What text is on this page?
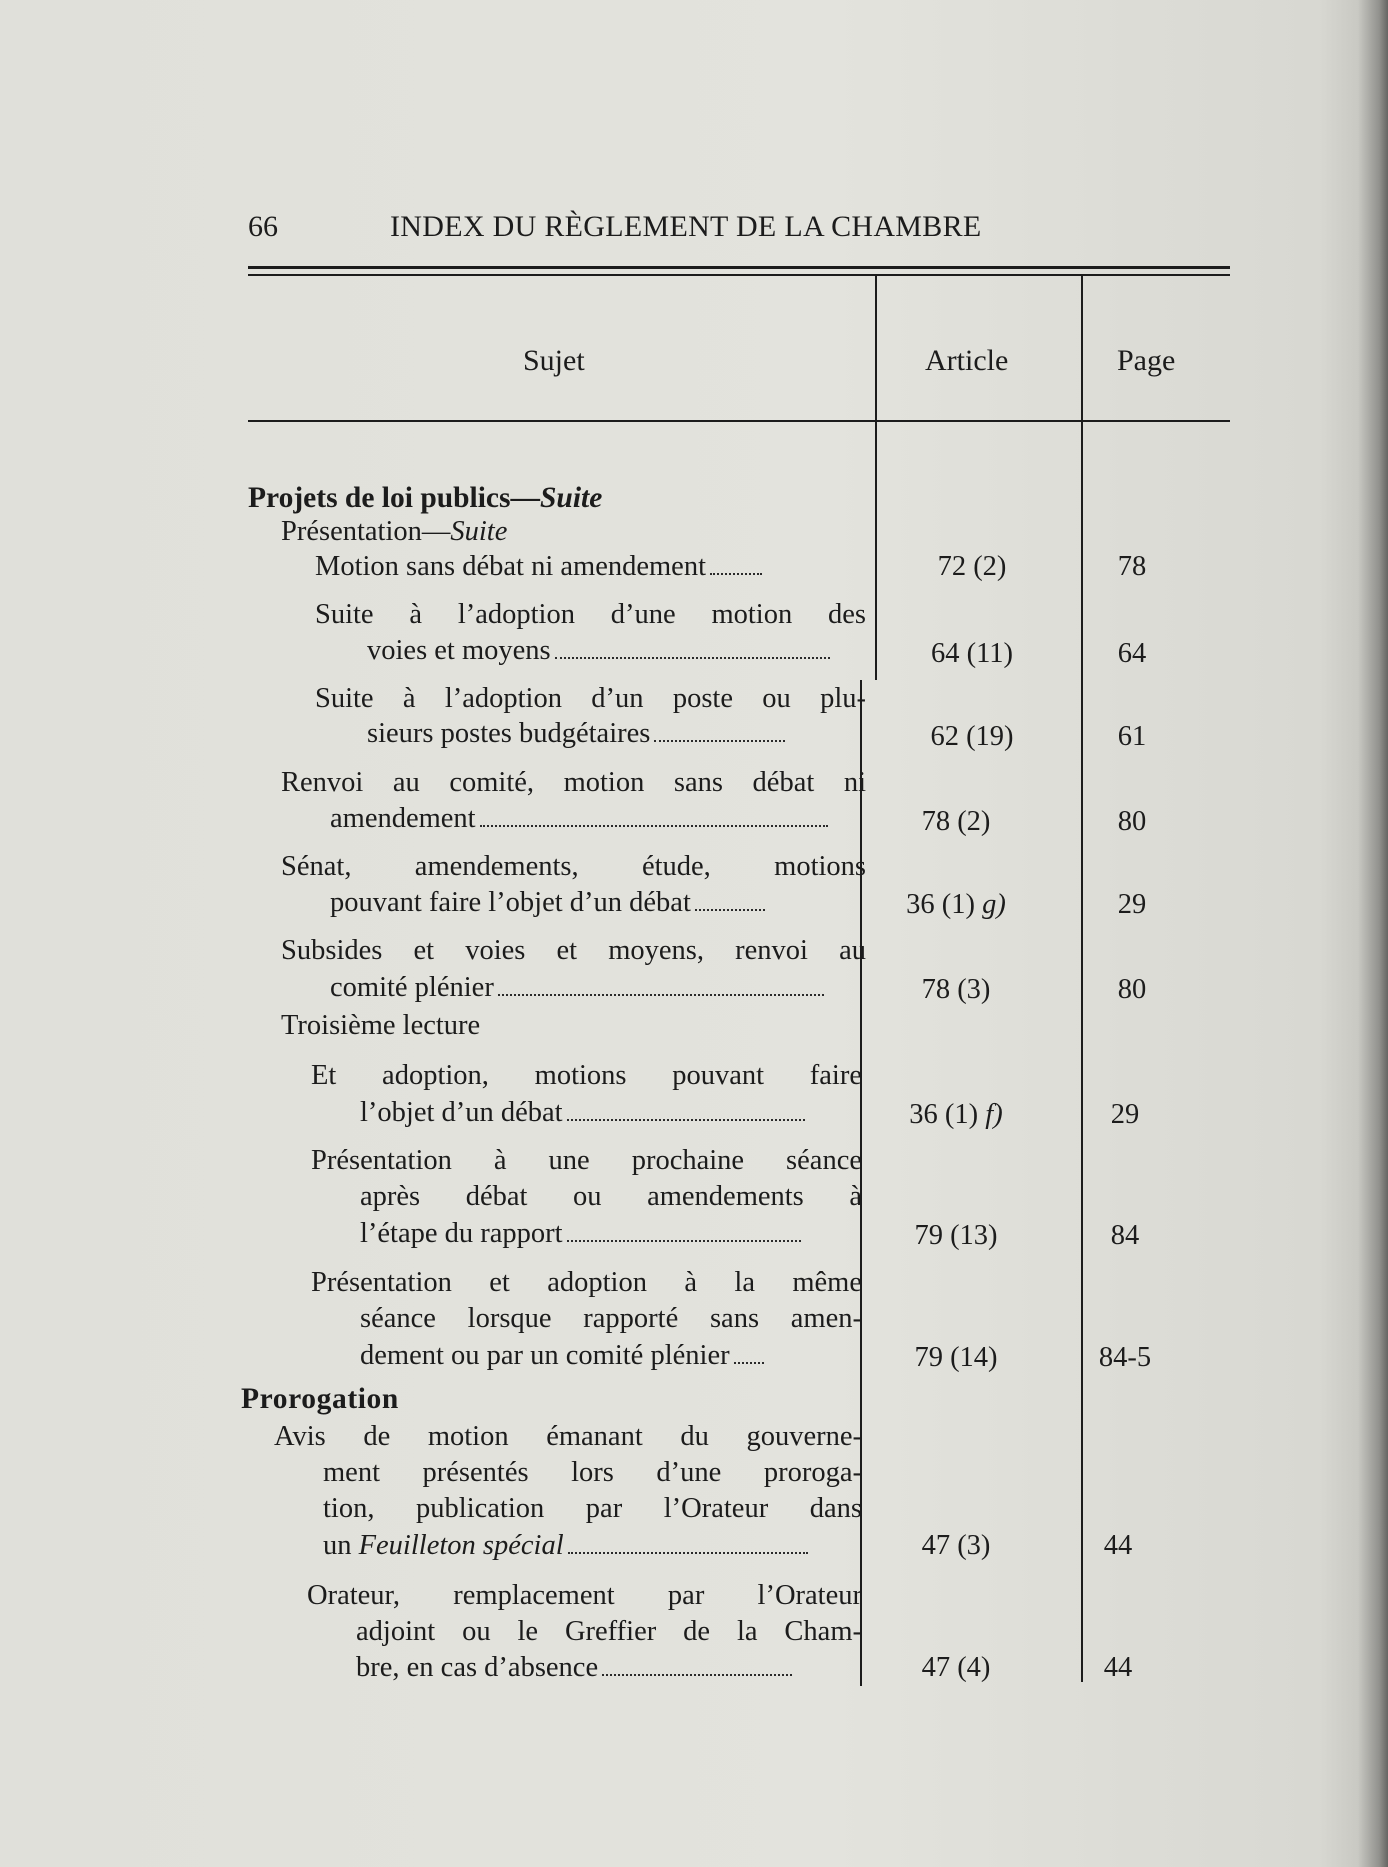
66	INDEX DU RÈGLEMENT DE LA CHAMBRE
Sujet	Article	Page
Projets de loi publics—Suite
Présentation—Suite
Motion sans débat ni amendement	72 (2)	78
Suite à l’adoption d’une motion des
voies et moyens	64 (11)	64
Suite à l’adoption d’un poste ou plu-
sieurs postes budgétaires	62 (19)	61
Renvoi au comité, motion sans débat ni
amendement	78 (2)	80
Sénat, amendements, étude, motions
pouvant faire l’objet d’un débat	36 (1) g)	29
Subsides et voies et moyens, renvoi au
comité plénier	78 (3)	80
Troisième lecture
Et adoption, motions pouvant faire
l’objet d’un débat	36 (1) f)	29
Présentation à une prochaine séance
après débat ou amendements à
l’étape du rapport	79 (13)	84
Présentation et adoption à la même
séance lorsque rapporté sans amen-
dement ou par un comité plénier	79 (14)	84-5
Prorogation
Avis de motion émanant du gouverne-
ment présentés lors d’une proroga-
tion, publication par l’Orateur dans
un Feuilleton spécial	47 (3)	44
Orateur, remplacement par l’Orateur
adjoint ou le Greffier de la Cham-
bre, en cas d’absence	47 (4)	44
